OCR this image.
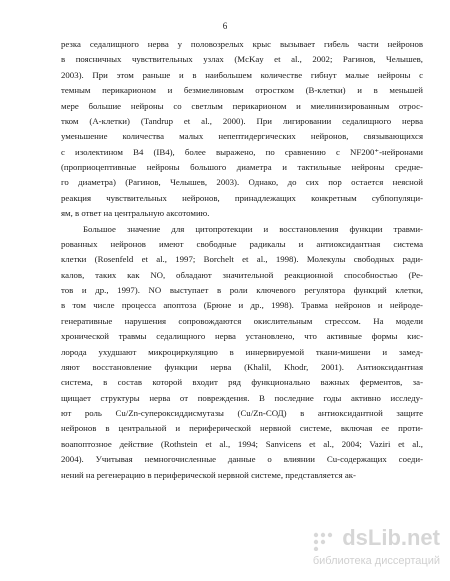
6
резка седалищного нерва у половозрелых крыс вызывает гибель части нейронов
в поясничных чувствительных узлах (McKay et al., 2002; Рагинов, Челышев,
2003). При этом раньше и в наибольшем количестве гибнут малые нейроны с
темным перикарионом и безмиелиновым отростком (В-клетки) и в меньшей
мере большие нейроны со светлым перикарионом и миелинизированным отрос-
тком (А-клетки) (Tandrup et al., 2000). При лигировании седалищного нерва
уменьшение количества малых непептидергических нейронов, связывающихся
с изолектином В4 (IB4), более выражено, по сравнению с NF200⁺-нейронами
(проприоцептивные нейроны большого диаметра и тактильные нейроны средне-
го диаметра) (Рагинов, Челышев, 2003). Однако, до сих пор остается неясной
реакция чувствительных нейронов, принадлежащих конкретным субпопуляци-
ям, в ответ на центральную аксотомию.
Большое значение для цитопротекции и восстановления функции травми-
рованных нейронов имеют свободные радикалы и антиоксидантная система
клетки (Rosenfeld et al., 1997; Borchelt et al., 1998). Молекулы свободных ради-
калов, таких как NO, обладают значительной реакционной способностью (Ре-
тов и др., 1997). NO выступает в роли ключевого регулятора функций клетки,
в том числе процесса апоптоза (Брюне и др., 1998). Травма нейронов и нейроде-
генеративные нарушения сопровождаются окислительным стрессом. На модели
хронической травмы седалищного нерва установлено, что активные формы кис-
лорода ухудшают микроциркуляцию в иннервируемой ткани-мишени и замед-
ляют восстановление функции нерва (Khalil, Khodr, 2001). Антиоксидантная
система, в состав которой входит ряд функционально важных ферментов, за-
щищает структуры нерва от повреждения. В последние годы активно исследу-
ют роль Cu/Zn-супероксиддисмутазы (Cu/Zn-СОД) в антиоксидантной защите
нейронов в центральной и периферической нервной системе, включая ее проти-
воапоптозное действие (Rothstein et al., 1994; Sanvicens et al., 2004; Vaziri et al.,
2004). Учитывая немногочисленные данные о влиянии Cu-содержащих соеди-
нений на регенерацию в периферической нервной системе, представляется ак-
dsLib.net
библиотека диссертаций
